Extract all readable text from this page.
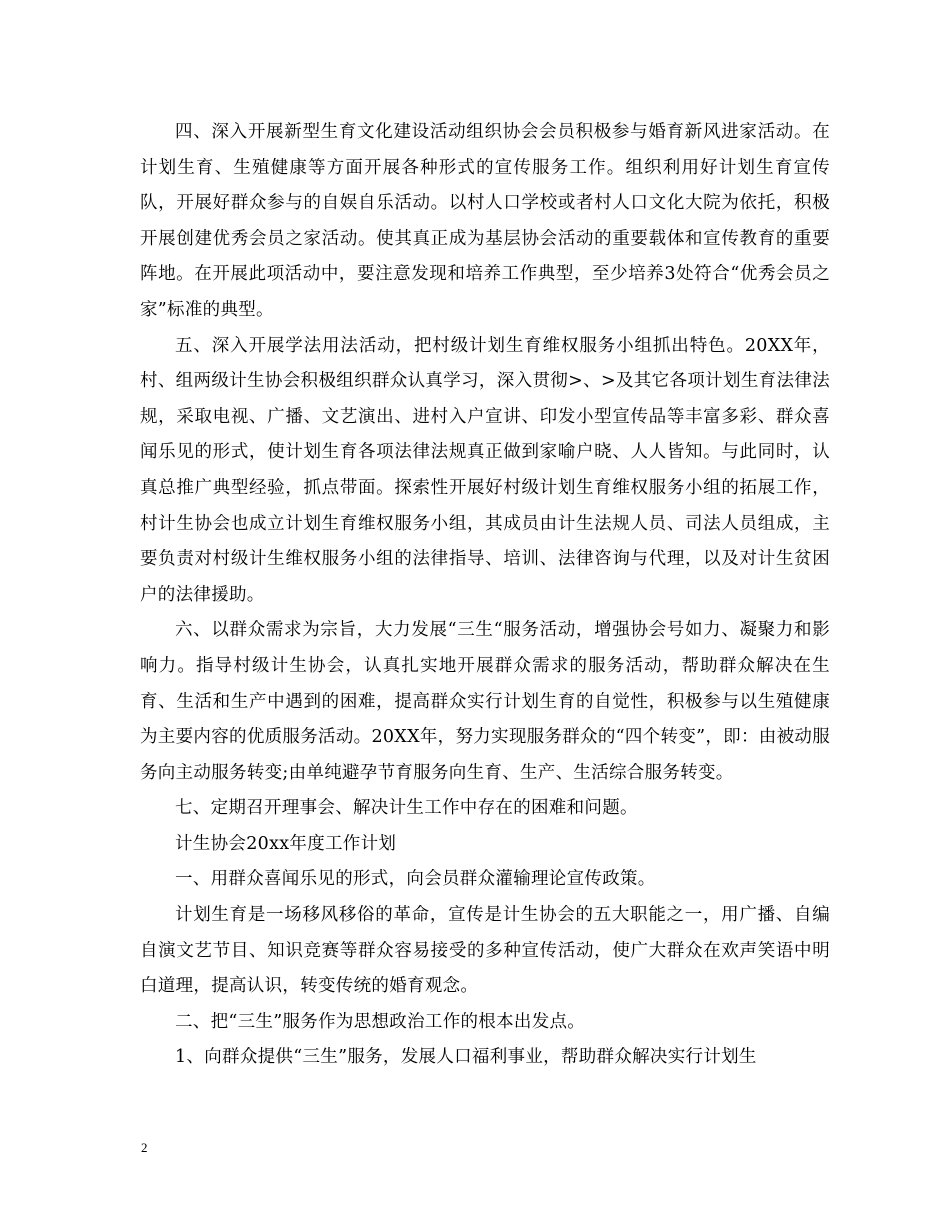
四、深入开展新型生育文化建设活动组织协会会员积极参与婚育新风进家活动。在计划生育、生殖健康等方面开展各种形式的宣传服务工作。组织利用好计划生育宣传队，开展好群众参与的自娱自乐活动。以村人口学校或者村人口文化大院为依托，积极开展创建优秀会员之家活动。使其真正成为基层协会活动的重要载体和宣传教育的重要阵地。在开展此项活动中，要注意发现和培养工作典型，至少培养3处符合“优秀会员之家”标准的典型。

五、深入开展学法用法活动，把村级计划生育维权服务小组抓出特色。20XX年，村、组两级计生协会积极组织群众认真学习，深入贯彻>、>及其它各项计划生育法律法规，采取电视、广播、文艺演出、进村入户宣讲、印发小型宣传品等丰富多彩、群众喜闻乐见的形式，使计划生育各项法律法规真正做到家喻户晓、人人皆知。与此同时，认真总推广典型经验，抓点带面。探索性开展好村级计划生育维权服务小组的拓展工作，村计生协会也成立计划生育维权服务小组，其成员由计生法规人员、司法人员组成，主要负责对村级计生维权服务小组的法律指导、培训、法律咨询与代理，以及对计生贫困户的法律援助。

六、以群众需求为宗旨，大力发展“三生“服务活动，增强协会号如力、凝聚力和影响力。指导村级计生协会，认真扎实地开展群众需求的服务活动，帮助群众解决在生育、生活和生产中遇到的困难，提高群众实行计划生育的自觉性，积极参与以生殖健康为主要内容的优质服务活动。20XX年，努力实现服务群众的“四个转变”，即：由被动服务向主动服务转变;由单纯避孕节育服务向生育、生产、生活综合服务转变。

七、定期召开理事会、解决计生工作中存在的困难和问题。

计生协会20xx年度工作计划

一、用群众喜闻乐见的形式，向会员群众灌输理论宣传政策。

计划生育是一场移风移俗的革命，宣传是计生协会的五大职能之一，用广播、自编自演文艺节目、知识竞赛等群众容易接受的多种宣传活动，使广大群众在欢声笑语中明白道理，提高认识，转变传统的婚育观念。

二、把“三生”服务作为思想政治工作的根本出发点。

1、向群众提供“三生”服务，发展人口福利事业，帮助群众解决实行计划生

2
